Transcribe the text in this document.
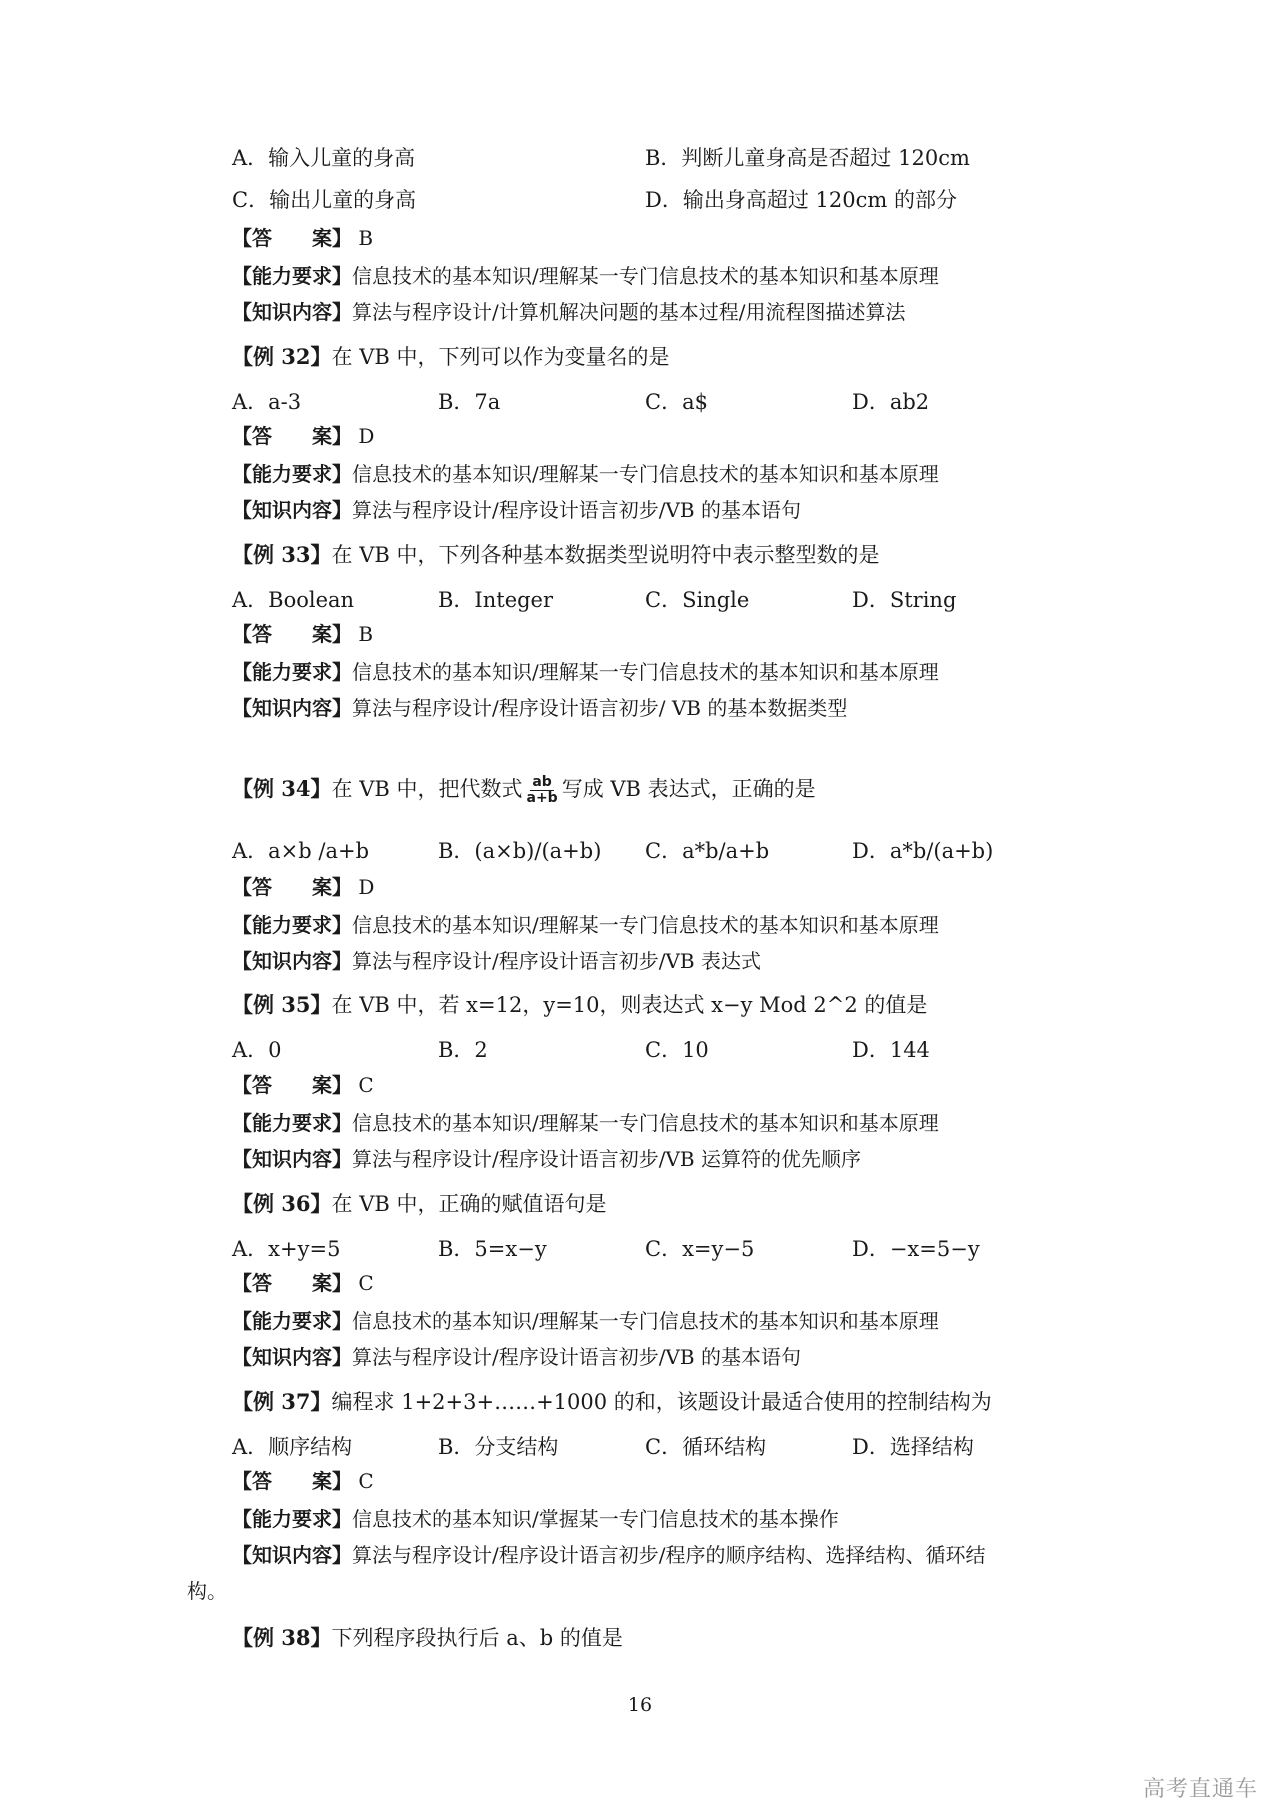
A．输入儿童的身高	B．判断儿童身高是否超过 120cm
C．输出儿童的身高	D．输出身高超过 120cm 的部分
【答　　案】 B
【能力要求】信息技术的基本知识/理解某一专门信息技术的基本知识和基本原理
【知识内容】算法与程序设计/计算机解决问题的基本过程/用流程图描述算法
【例 32】在 VB 中，下列可以作为变量名的是
A．a-3	B．7a	C．a$	D．ab2
【答　　案】 D
【能力要求】信息技术的基本知识/理解某一专门信息技术的基本知识和基本原理
【知识内容】算法与程序设计/程序设计语言初步/VB 的基本语句
【例 33】在 VB 中，下列各种基本数据类型说明符中表示整型数的是
A．Boolean	B．Integer	C．Single	D．String
【答　　案】 B
【能力要求】信息技术的基本知识/理解某一专门信息技术的基本知识和基本原理
【知识内容】算法与程序设计/程序设计语言初步/ VB 的基本数据类型
【例 34】在 VB 中，把代数式 $\frac{ab}{a+b}$ 写成 VB 表达式，正确的是
A．a×b /a+b	B．(a×b)/(a+b) C．a*b/a+b	D．a*b/(a+b)
【答　　案】 D
【能力要求】信息技术的基本知识/理解某一专门信息技术的基本知识和基本原理
【知识内容】算法与程序设计/程序设计语言初步/VB 表达式
【例 35】在 VB 中，若 x=12，y=10，则表达式 x−y Mod 2^2 的值是
A．0	B．2	C．10	D．144
【答　　案】 C
【能力要求】信息技术的基本知识/理解某一专门信息技术的基本知识和基本原理
【知识内容】算法与程序设计/程序设计语言初步/VB 运算符的优先顺序
【例 36】在 VB 中，正确的赋值语句是
A．x+y=5	B．5=x−y	C．x=y−5	D．−x=5−y
【答　　案】 C
【能力要求】信息技术的基本知识/理解某一专门信息技术的基本知识和基本原理
【知识内容】算法与程序设计/程序设计语言初步/VB 的基本语句
【例 37】编程求 1+2+3+……+1000 的和，该题设计最适合使用的控制结构为
A．顺序结构	B．分支结构	C．循环结构	D．选择结构
【答　　案】 C
【能力要求】信息技术的基本知识/掌握某一专门信息技术的基本操作
【知识内容】算法与程序设计/程序设计语言初步/程序的顺序结构、选择结构、循环结
构。
【例 38】下列程序段执行后 a、b 的值是
16
高考直通车
